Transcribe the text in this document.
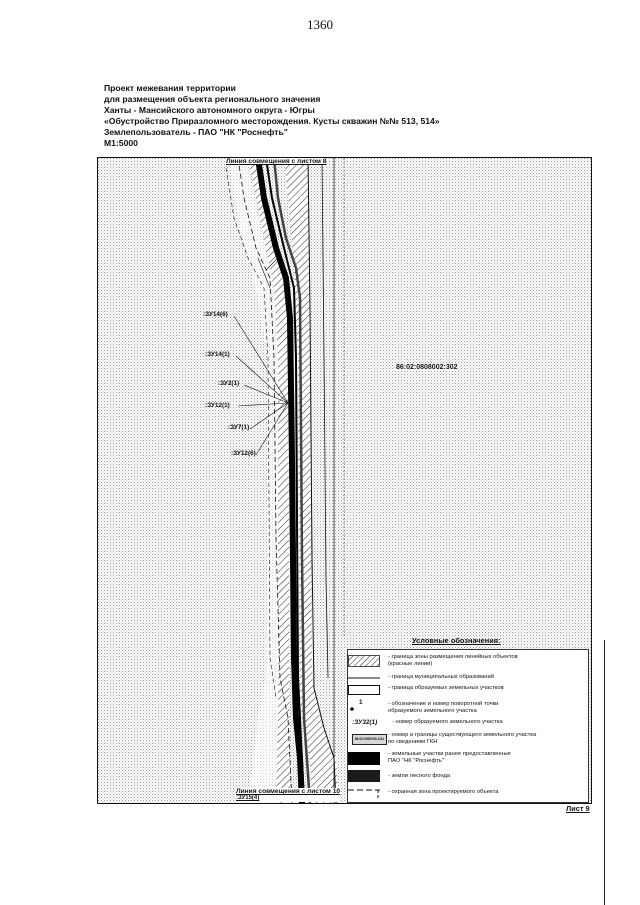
1360
Проект межевания территории
для размещения объекта регионального значения
Ханты - Мансийского автономного округа - Югры
«Обустройство Приразломного месторождения. Кусты скважин №№ 513, 514»
Землепользователь - ПАО "НК "Роснефть"
М1:5000
Линия совмещения с листом 8
:ЗУ14(6)
:ЗУ14(1)
:ЗУ2(1)
:ЗУ12(1)
:ЗУ7(1)
:ЗУ12(6)
86:02:0808002:302
Условные обозначения:
- граница зоны размещения линейных объектов
(красные линии)
- граница муниципальных образований
- граница образуемых земельных участков
1	- обозначение и номер поворотной точки
образуемого земельного участка
:ЗУ32(1)	- номер образуемого земельного участка
86:02:0000000:1111
- номер и границы существующего земельного участка
по сведениям ГКН
- земельные участки ранее предоставленные
ПАО "НК "Роснефть"
- земли лесного фонда
- охранная зона проектируемого объекта
Линия совмещения с листом 10
:ЗУ15(4)
Лист 9
